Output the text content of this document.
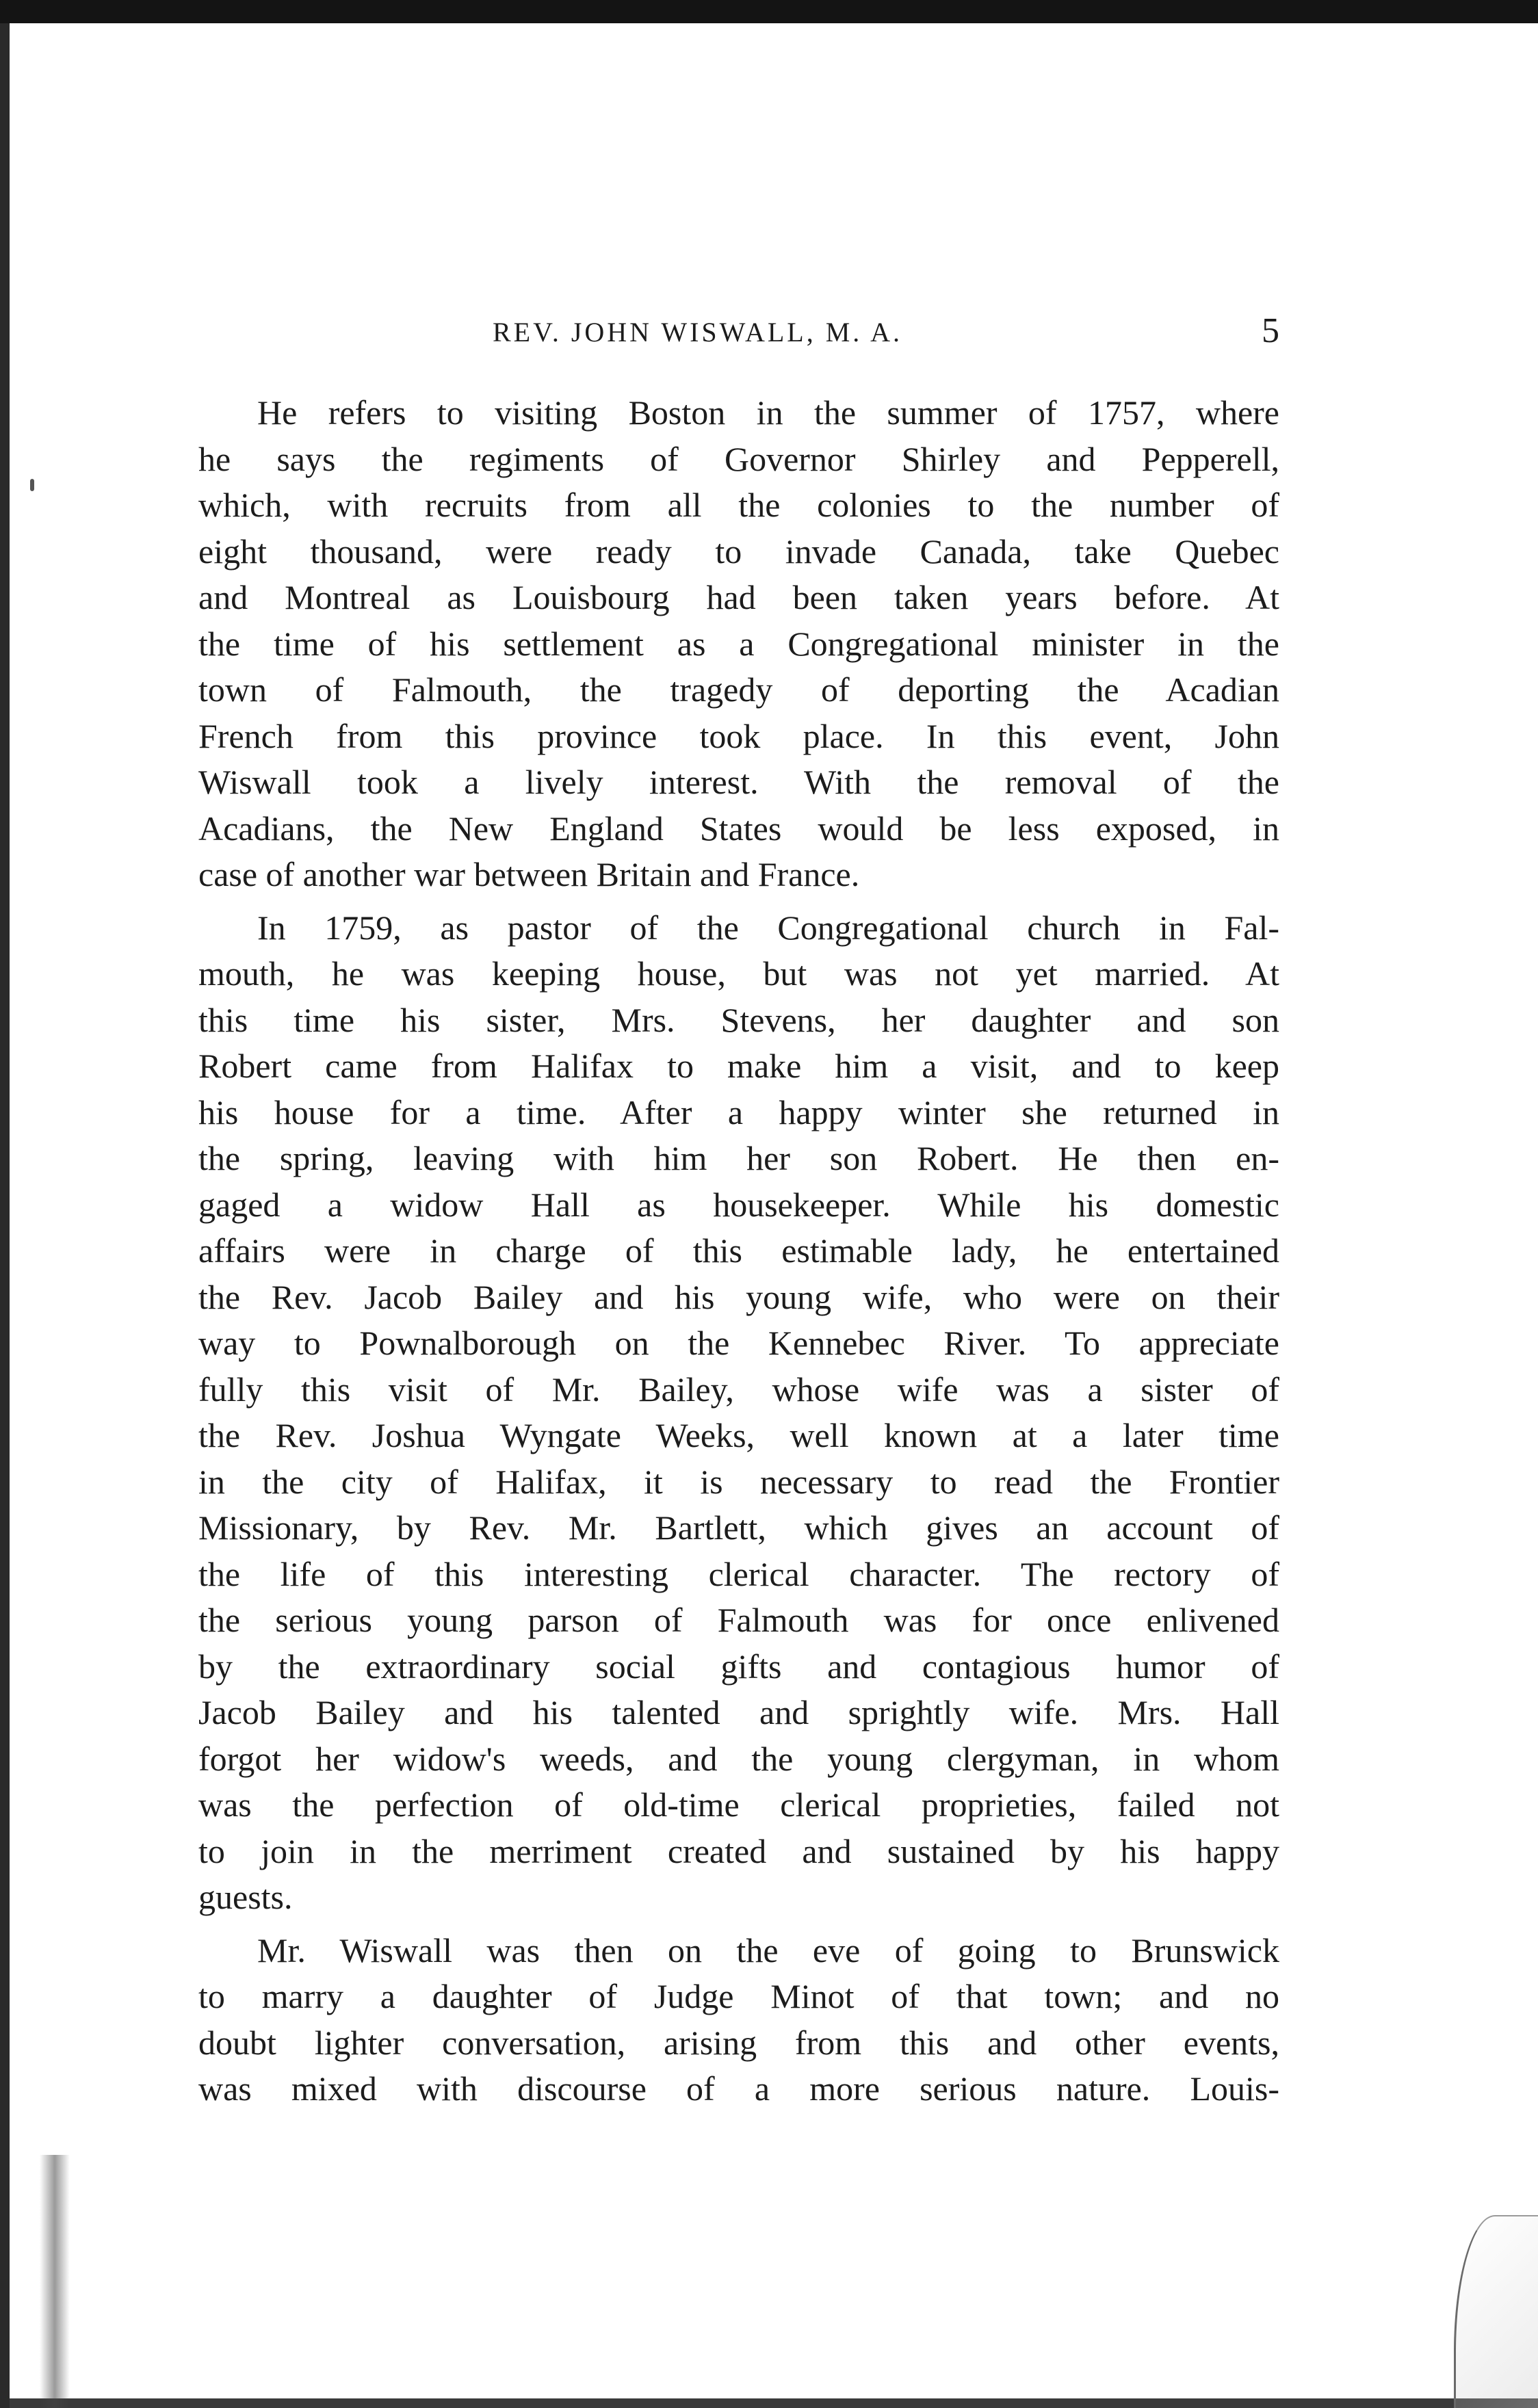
REV. JOHN WISWALL, M. A.	5
He refers to visiting Boston in the summer of 1757, where
he says the regiments of Governor Shirley and Pepperell,
which, with recruits from all the colonies to the number of
eight thousand, were ready to invade Canada, take Quebec
and Montreal as Louisbourg had been taken years before. At
the time of his settlement as a Congregational minister in the
town of Falmouth, the tragedy of deporting the Acadian
French from this province took place. In this event, John
Wiswall took a lively interest. With the removal of the
Acadians, the New England States would be less exposed, in
case of another war between Britain and France.
In 1759, as pastor of the Congregational church in Fal-
mouth, he was keeping house, but was not yet married. At
this time his sister, Mrs. Stevens, her daughter and son
Robert came from Halifax to make him a visit, and to keep
his house for a time. After a happy winter she returned in
the spring, leaving with him her son Robert. He then en-
gaged a widow Hall as housekeeper. While his domestic
affairs were in charge of this estimable lady, he entertained
the Rev. Jacob Bailey and his young wife, who were on their
way to Pownalborough on the Kennebec River. To appreciate
fully this visit of Mr. Bailey, whose wife was a sister of
the Rev. Joshua Wyngate Weeks, well known at a later time
in the city of Halifax, it is necessary to read the Frontier
Missionary, by Rev. Mr. Bartlett, which gives an account of
the life of this interesting clerical character. The rectory of
the serious young parson of Falmouth was for once enlivened
by the extraordinary social gifts and contagious humor of
Jacob Bailey and his talented and sprightly wife. Mrs. Hall
forgot her widow's weeds, and the young clergyman, in whom
was the perfection of old-time clerical proprieties, failed not
to join in the merriment created and sustained by his happy
guests.
Mr. Wiswall was then on the eve of going to Brunswick
to marry a daughter of Judge Minot of that town; and no
doubt lighter conversation, arising from this and other events,
was mixed with discourse of a more serious nature. Louis-
